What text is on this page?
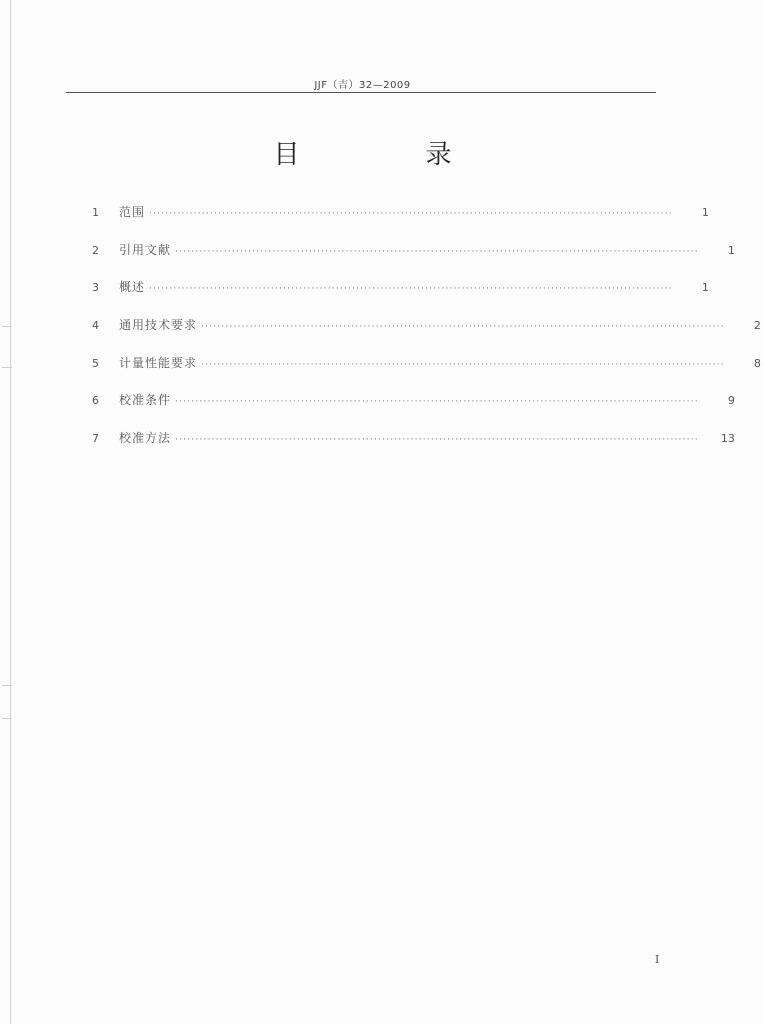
JJF（吉）32—2009
目　录
1	范围 ·································································································································	1
2	引用文献 ·································································································································	1
3	概述 ·································································································································	1
4	通用技术要求 ·································································································································	2
5	计量性能要求 ·································································································································	8
6	校准条件 ·································································································································	9
7	校准方法 ·································································································································	13
I
